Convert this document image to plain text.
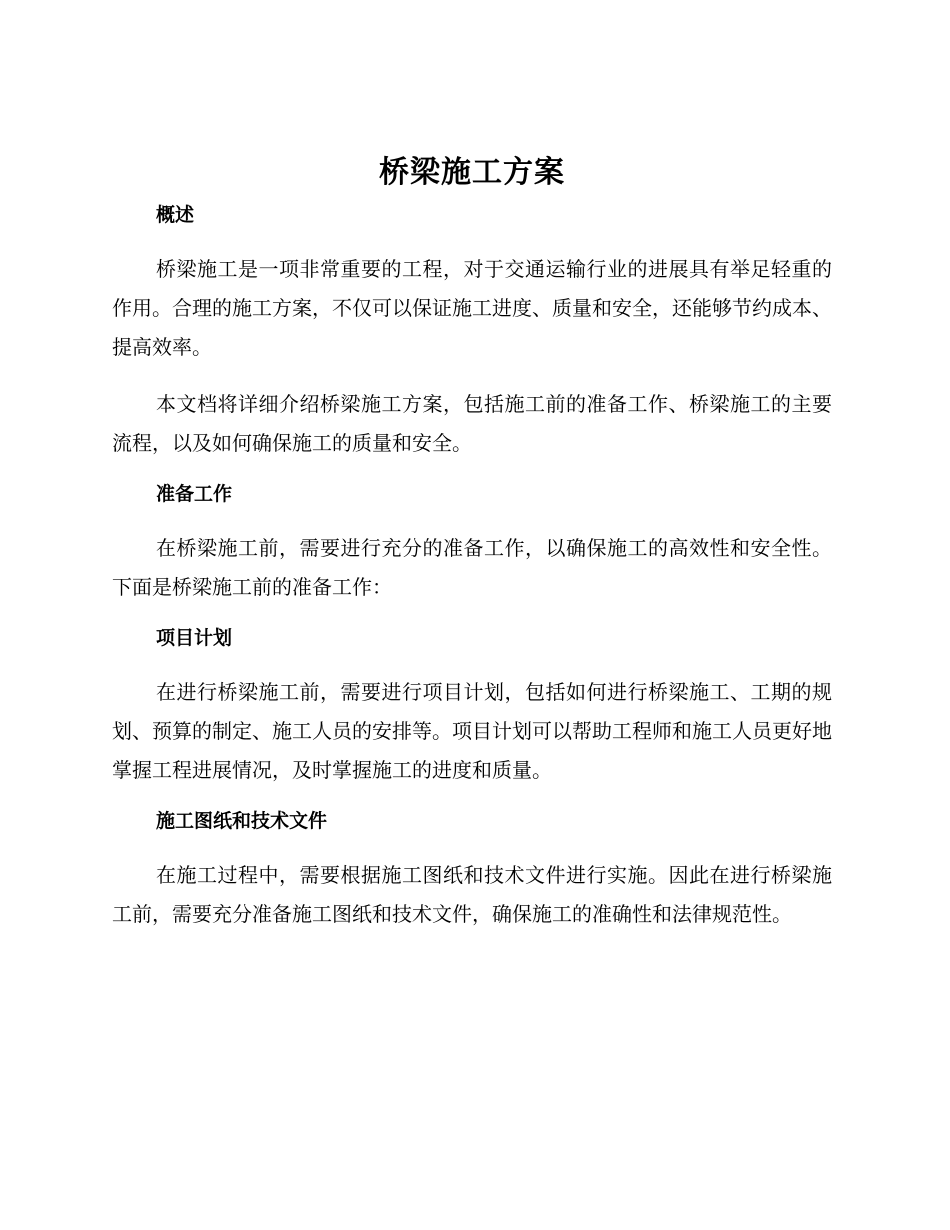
桥梁施工方案
概述

桥梁施工是一项非常重要的工程，对于交通运输行业的进展具有举足轻重的作用。合理的施工方案，不仅可以保证施工进度、质量和安全，还能够节约成本、提高效率。

本文档将详细介绍桥梁施工方案，包括施工前的准备工作、桥梁施工的主要流程，以及如何确保施工的质量和安全。

准备工作

在桥梁施工前，需要进行充分的准备工作，以确保施工的高效性和安全性。下面是桥梁施工前的准备工作：

项目计划

在进行桥梁施工前，需要进行项目计划，包括如何进行桥梁施工、工期的规划、预算的制定、施工人员的安排等。项目计划可以帮助工程师和施工人员更好地掌握工程进展情况，及时掌握施工的进度和质量。

施工图纸和技术文件

在施工过程中，需要根据施工图纸和技术文件进行实施。因此在进行桥梁施工前，需要充分准备施工图纸和技术文件，确保施工的准确性和法律规范性。
